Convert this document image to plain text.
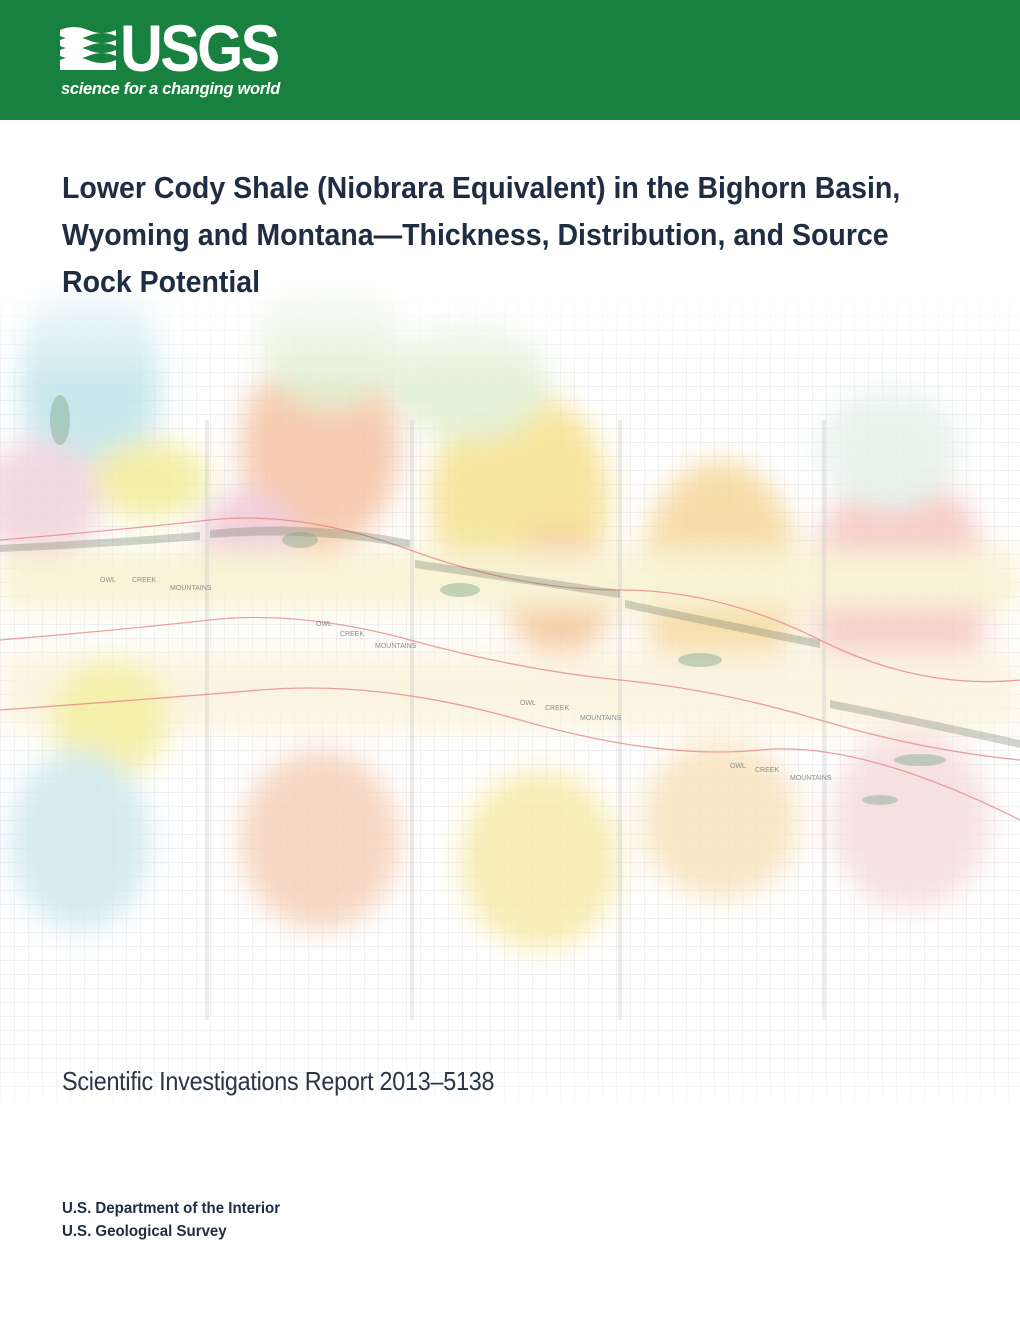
USGS
science for a changing world
OWL CREEK
MOUNTAINS
OWL
CREEK
MOUNTAINS
OWL
CREEK
MOUNTAINS
OWL
CREEK
MOUNTAINS
Lower Cody Shale (Niobrara Equivalent) in the Bighorn Basin, Wyoming and Montana—Thickness, Distribution, and Source Rock Potential
Scientific Investigations Report 2013–5138
U.S. Department of the Interior
U.S. Geological Survey
